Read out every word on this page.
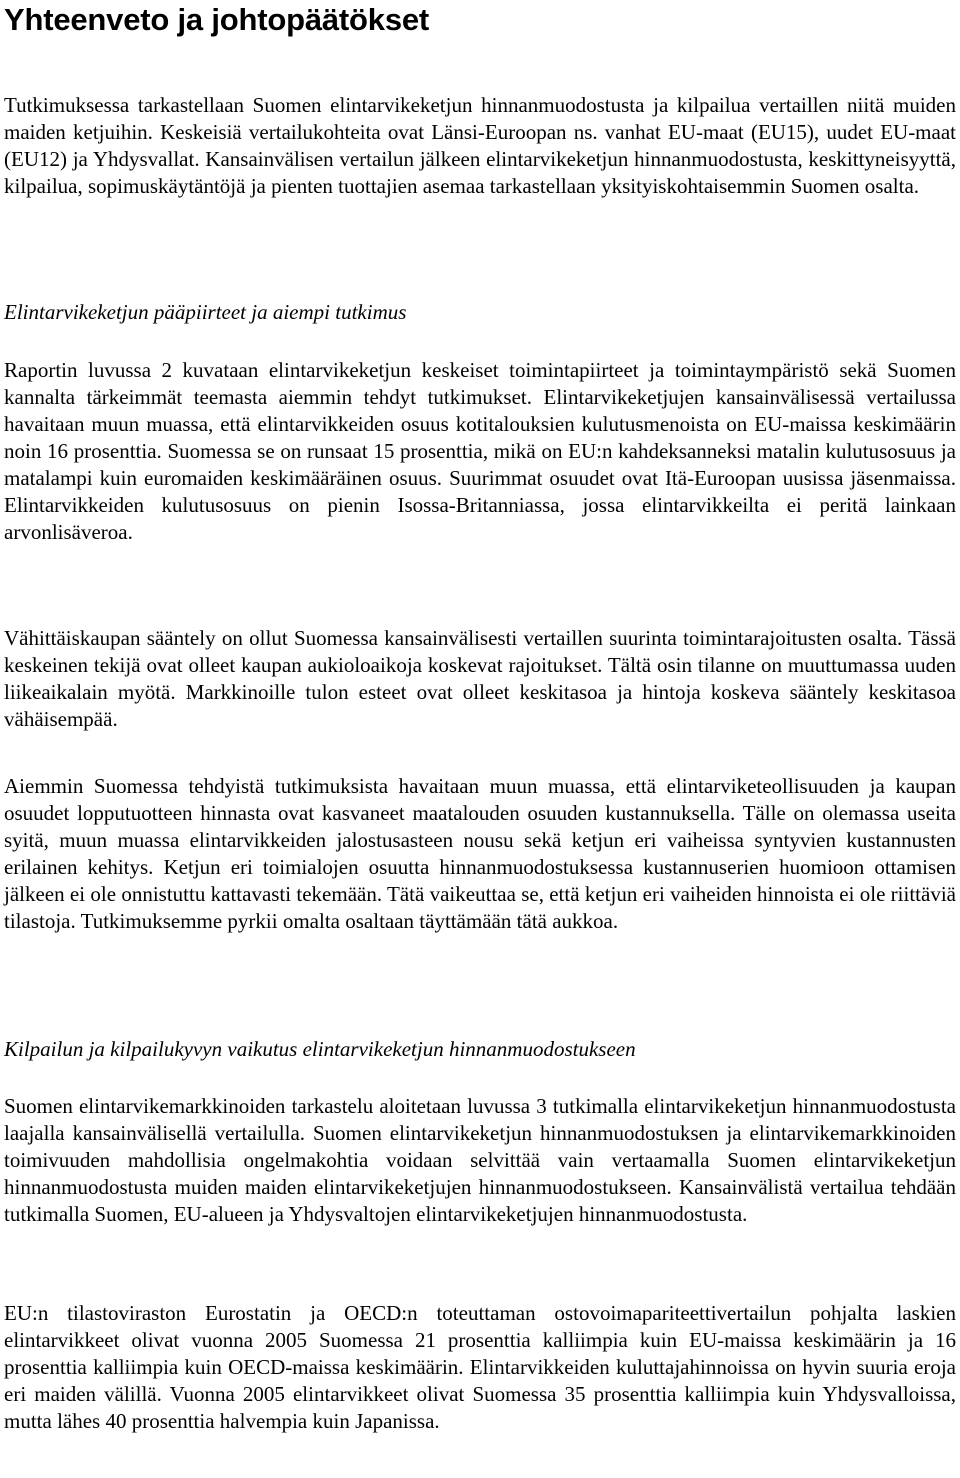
Yhteenveto ja johtopäätökset

Tutkimuksessa tarkastellaan Suomen elintarvikeketjun hinnanmuodostusta ja kilpailua vertaillen niitä muiden maiden ketjuihin. Keskeisiä vertailukohteita ovat Länsi-Euroopan ns. vanhat EU-maat (EU15), uudet EU-maat (EU12) ja Yhdysvallat. Kansainvälisen vertailun jälkeen elintarvikeketjun hinnanmuodostusta, keskittyneisyyttä, kilpailua, sopimuskäytäntöjä ja pienten tuottajien asemaa tarkastellaan yksityiskohtaisemmin Suomen osalta.

Elintarvikeketjun pääpiirteet ja aiempi tutkimus

Raportin luvussa 2 kuvataan elintarvikeketjun keskeiset toimintapiirteet ja toimintaympäristö sekä Suomen kannalta tärkeimmät teemasta aiemmin tehdyt tutkimukset. Elintarvikeketjujen kansainvälisessä vertailussa havaitaan muun muassa, että elintarvikkeiden osuus kotitalouksien kulutusmenoista on EU-maissa keskimäärin noin 16 prosenttia. Suomessa se on runsaat 15 prosenttia, mikä on EU:n kahdeksanneksi matalin kulutusosuus ja matalampi kuin euromaiden keskimääräinen osuus. Suurimmat osuudet ovat Itä-Euroopan uusissa jäsenmaissa. Elintarvikkeiden kulutusosuus on pienin Isossa-Britanniassa, jossa elintarvikkeilta ei peritä lainkaan arvonlisäveroa.

Vähittäiskaupan sääntely on ollut Suomessa kansainvälisesti vertaillen suurinta toimintarajoitusten osalta. Tässä keskeinen tekijä ovat olleet kaupan aukioloaikoja koskevat rajoitukset. Tältä osin tilanne on muuttumassa uuden liikeaikalain myötä. Markkinoille tulon esteet ovat olleet keskitasoa ja hintoja koskeva sääntely keskitasoa vähäisempää.

Aiemmin Suomessa tehdyistä tutkimuksista havaitaan muun muassa, että elintarviketeollisuuden ja kaupan osuudet lopputuotteen hinnasta ovat kasvaneet maatalouden osuuden kustannuksella. Tälle on olemassa useita syitä, muun muassa elintarvikkeiden jalostusasteen nousu sekä ketjun eri vaiheissa syntyvien kustannusten erilainen kehitys. Ketjun eri toimialojen osuutta hinnanmuodostuksessa kustannuserien huomioon ottamisen jälkeen ei ole onnistuttu kattavasti tekemään. Tätä vaikeuttaa se, että ketjun eri vaiheiden hinnoista ei ole riittäviä tilastoja. Tutkimuksemme pyrkii omalta osaltaan täyttämään tätä aukkoa.

Kilpailun ja kilpailukyvyn vaikutus elintarvikeketjun hinnanmuodostukseen

Suomen elintarvikemarkkinoiden tarkastelu aloitetaan luvussa 3 tutkimalla elintarvikeketjun hinnanmuodostusta laajalla kansainvälisellä vertailulla. Suomen elintarvikeketjun hinnanmuodostuksen ja elintarvikemarkkinoiden toimivuuden mahdollisia ongelmakohtia voidaan selvittää vain vertaamalla Suomen elintarvikeketjun hinnanmuodostusta muiden maiden elintarvikeketjujen hinnanmuodostukseen. Kansainvälistä vertailua tehdään tutkimalla Suomen, EU-alueen ja Yhdysvaltojen elintarvikeketjujen hinnanmuodostusta.

EU:n tilastoviraston Eurostatin ja OECD:n toteuttaman ostovoimapariteettivertailun pohjalta laskien elintarvikkeet olivat vuonna 2005 Suomessa 21 prosenttia kalliimpia kuin EU-maissa keskimäärin ja 16 prosenttia kalliimpia kuin OECD-maissa keskimäärin. Elintarvikkeiden kuluttajahinnoissa on hyvin suuria eroja eri maiden välillä. Vuonna 2005 elintarvikkeet olivat Suomessa 35 prosenttia kalliimpia kuin Yhdysvalloissa, mutta lähes 40 prosenttia halvempia kuin Japanissa.
